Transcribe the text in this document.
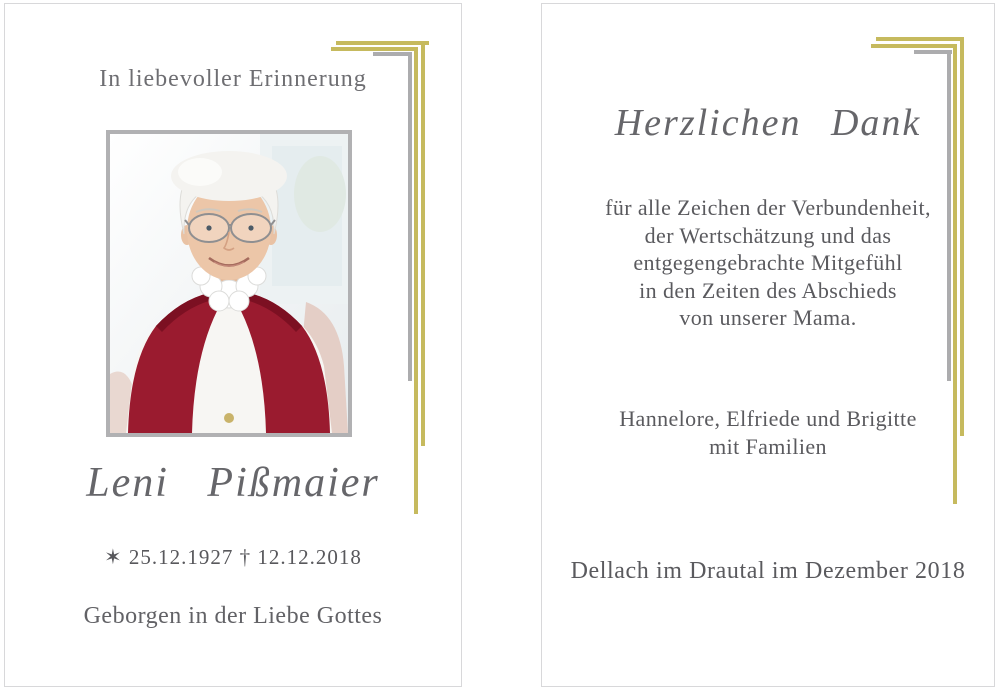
In liebevoller Erinnerung
Leni Pißmaier
✶ 25.12.1927 † 12.12.2018
Geborgen in der Liebe Gottes
Herzlichen Dank
für alle Zeichen der Verbundenheit,
der Wertschätzung und das
entgegengebrachte Mitgefühl
in den Zeiten des Abschieds
von unserer Mama.
Hannelore, Elfriede und Brigitte
mit Familien
Dellach im Drautal im Dezember 2018
